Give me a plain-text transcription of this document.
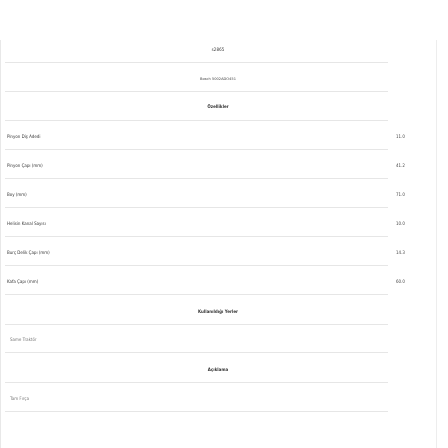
s2865
Bosch 5002ADO451
Özellikler
Pinyon Diş Adedi	11.0
Pinyon Çapı (mm)	41.2
Boy (mm)	71.0
Helisin Kanal Sayısı	10.0
Burç Delik Çapı (mm)	14.3
Kafa Çapı (mm)	60.0
Kullanıldığı Yerler
Same Traktör
Açıklama
Tam Fırça
